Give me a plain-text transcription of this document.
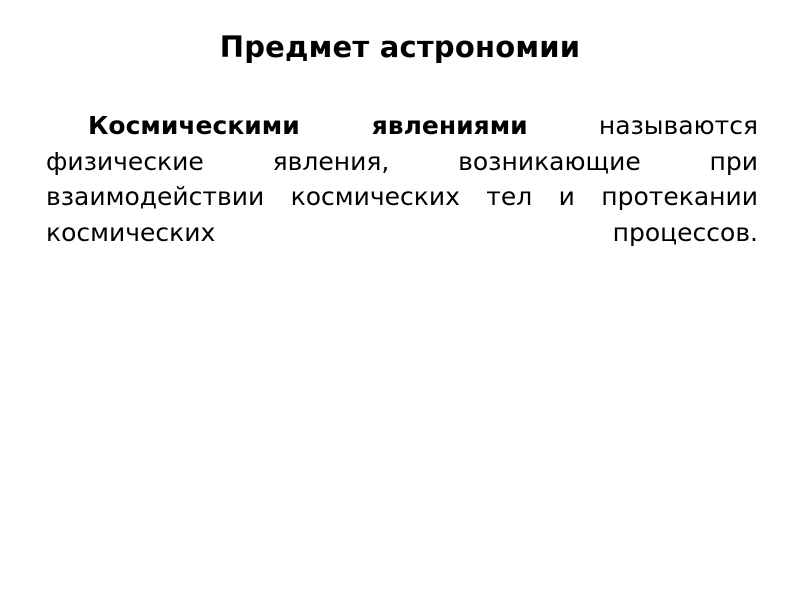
Предмет астрономии

Космическими явлениями называются физические явления, возникающие при взаимодействии космических тел и протекании космических процессов.
